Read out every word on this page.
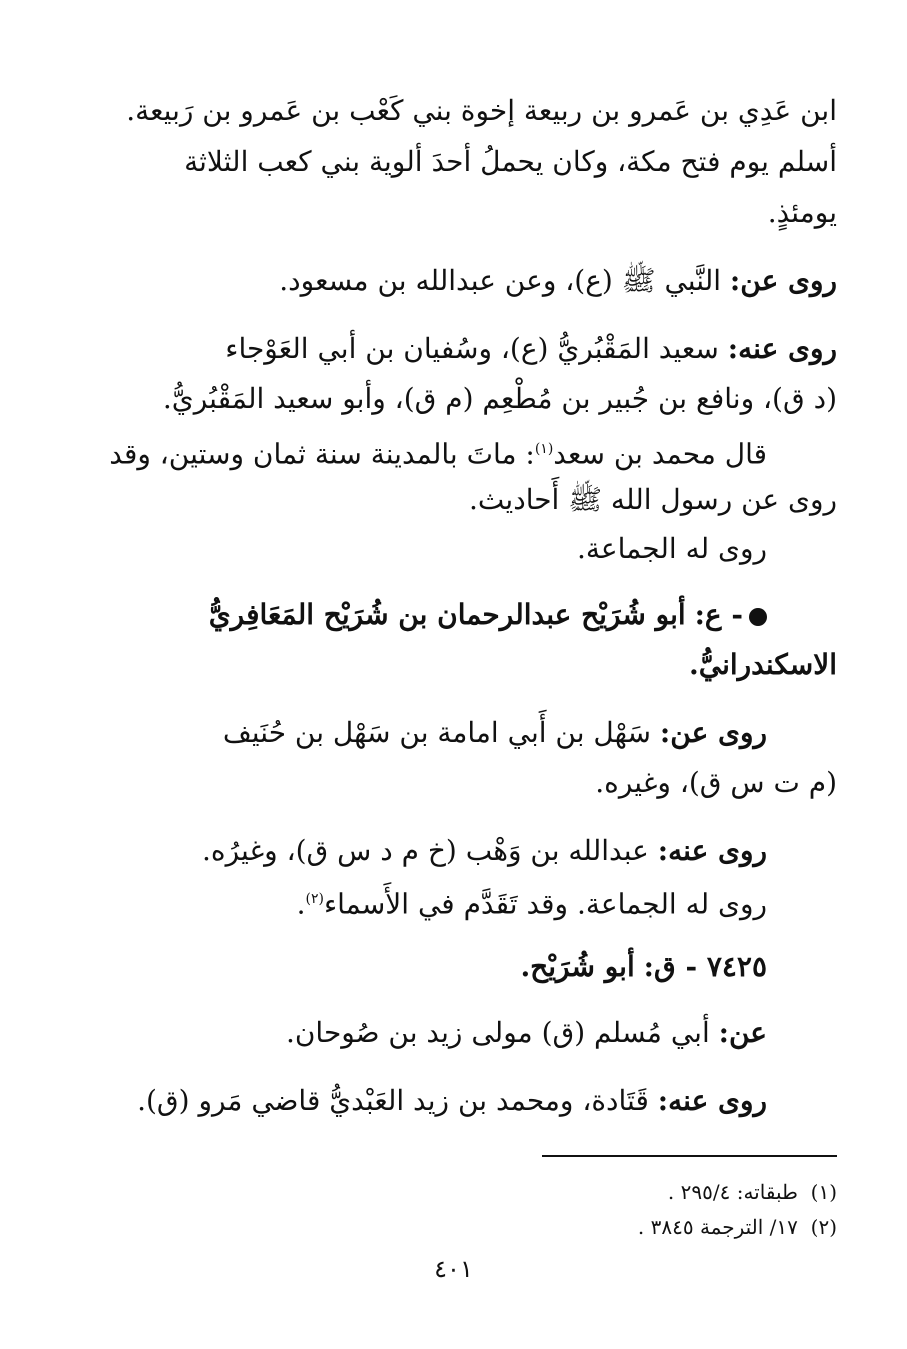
ابن عَدِي بن عَمرو بن ربيعة إخوة بني كَعْب بن عَمرو بن رَبيعة.
أسلم يوم فتح مكة، وكان يحملُ أحدَ ألوية بني كعب الثلاثة
يومئذٍ.
روى عن: النَّبي ﷺ (ع)، وعن عبدالله بن مسعود.
روى عنه: سعيد المَقْبُريُّ (ع)، وسُفيان بن أبي العَوْجاء
(د ق)، ونافع بن جُبير بن مُطْعِم (م ق)، وأبو سعيد المَقْبُريُّ.
قال محمد بن سعد$^{(١)}$: ماتَ بالمدينة سنة ثمان وستين، وقد
روى عن رسول الله ﷺ أَحاديث.
روى له الجماعة.
- ع: أبو شُرَيْح عبدالرحمان بن شُرَيْح المَعَافِريُّ
الاسكندرانيُّ.
روى عن: سَهْل بن أَبي امامة بن سَهْل بن حُنَيف
(م ت س ق)، وغيره.
روى عنه: عبدالله بن وَهْب (خ م د س ق)، وغيرُه.
روى له الجماعة. وقد تَقَدَّم في الأَسماء$^{(٢)}$.
٧٤٢٥ - ق: أبو شُرَيْح.
عن: أبي مُسلم (ق) مولى زيد بن صُوحان.
روى عنه: قَتَادة، ومحمد بن زيد العَبْديُّ قاضي مَرو (ق).
(١)  طبقاته: ٢٩٥/٤ .
(٢)  ١٧/ الترجمة ٣٨٤٥ .
٤٠١
